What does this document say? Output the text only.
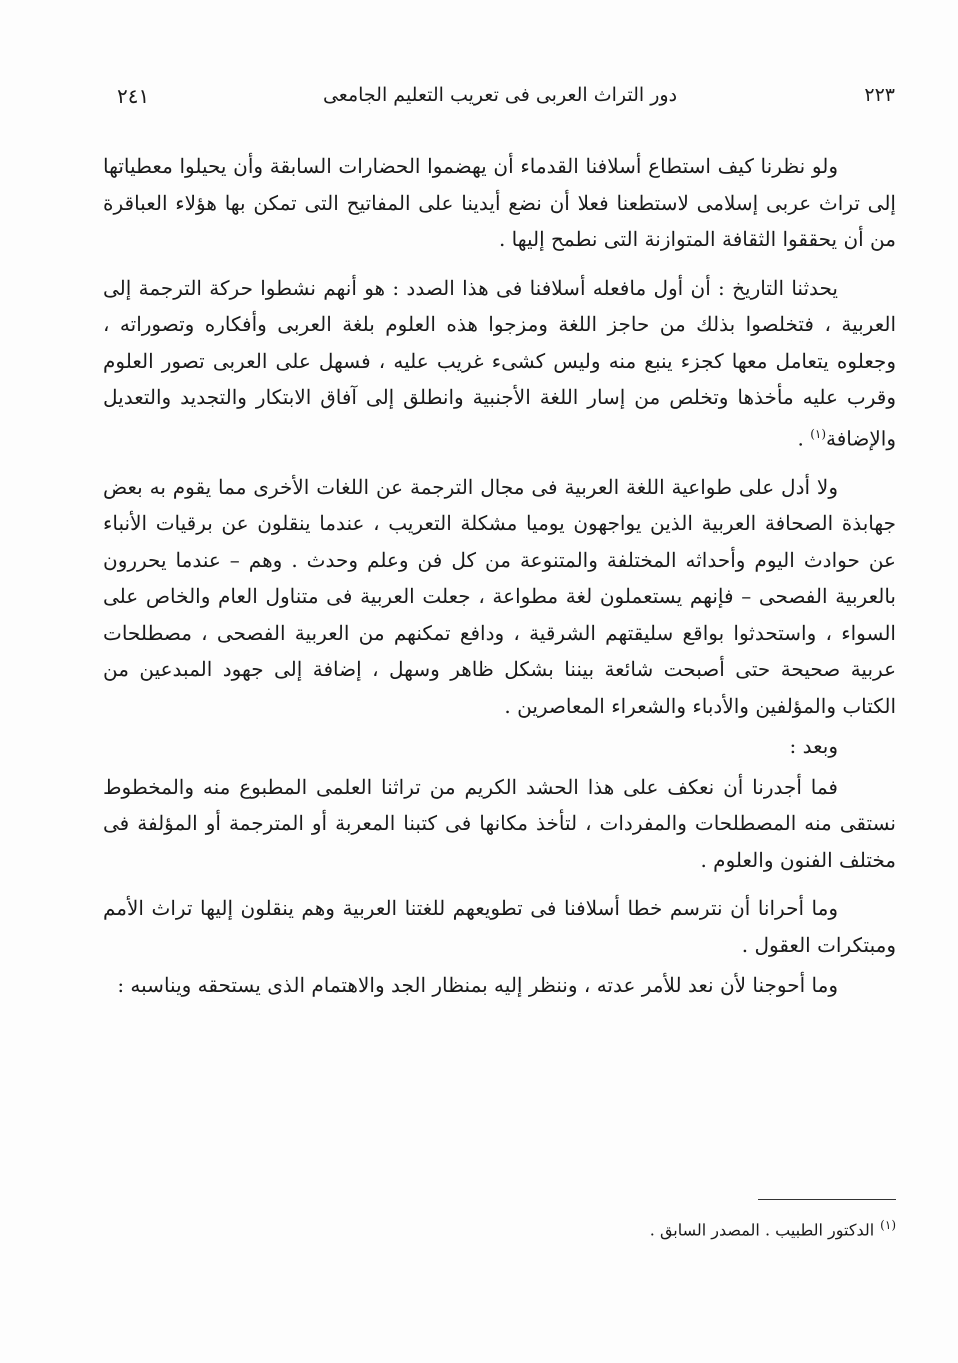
٢٢٣
دور التراث العربى فى تعريب التعليم الجامعى
٢٤١

ولو نظرنا كيف استطاع أسلافنا القدماء أن يهضموا الحضارات السابقة وأن يحيلوا معطياتها إلى تراث عربى إسلامى لاستطعنا فعلا أن نضع أيدينا على المفاتيح التى تمكن بها هؤلاء العباقرة من أن يحققوا الثقافة المتوازنة التى نطمح إليها .

يحدثنا التاريخ : أن أول مافعله أسلافنا فى هذا الصدد : هو أنهم نشطوا حركة الترجمة إلى العربية ، فتخلصوا بذلك من حاجز اللغة ومزجوا هذه العلوم بلغة العربى وأفكاره وتصوراته ، وجعلوه يتعامل معها كجزء ينبع منه وليس كشىء غريب عليه ، فسهل على العربى تصور العلوم وقرب عليه مأخذها وتخلص من إسار اللغة الأجنبية وانطلق إلى آفاق الابتكار والتجديد والتعديل والإضافة$^{(١)}$ .

ولا أدل على طواعية اللغة العربية فى مجال الترجمة عن اللغات الأخرى مما يقوم به بعض جهابذة الصحافة العربية الذين يواجهون يوميا مشكلة التعريب ، عندما ينقلون عن برقيات الأنباء عن حوادث اليوم وأحداثه المختلفة والمتنوعة من كل فن وعلم وحدث . وهم – عندما يحررون بالعربية الفصحى – فإنهم يستعملون لغة مطواعة ، جعلت العربية فى متناول العام والخاص على السواء ، واستحدثوا بواقع سليقتهم الشرقية ، ودافع تمكنهم من العربية الفصحى ، مصطلحات عربية صحيحة حتى أصبحت شائعة بيننا بشكل ظاهر وسهل ، إضافة إلى جهود المبدعين من الكتاب والمؤلفين والأدباء والشعراء المعاصرين .

وبعد :

فما أجدرنا أن نعكف على هذا الحشد الكريم من تراثنا العلمى المطبوع منه والمخطوط نستقى منه المصطلحات والمفردات ، لتأخذ مكانها فى كتبنا المعربة أو المترجمة أو المؤلفة فى مختلف الفنون والعلوم .

وما أحرانا أن نترسم خطا أسلافنا فى تطويعهم للغتنا العربية وهم ينقلون إليها تراث الأمم ومبتكرات العقول .

وما أحوجنا لأن نعد للأمر عدته ، وننظر إليه بمنظار الجد والاهتمام الذى يستحقه ويناسبه :

$^{(١)}$الدكتور الطبيب . المصدر السابق .
